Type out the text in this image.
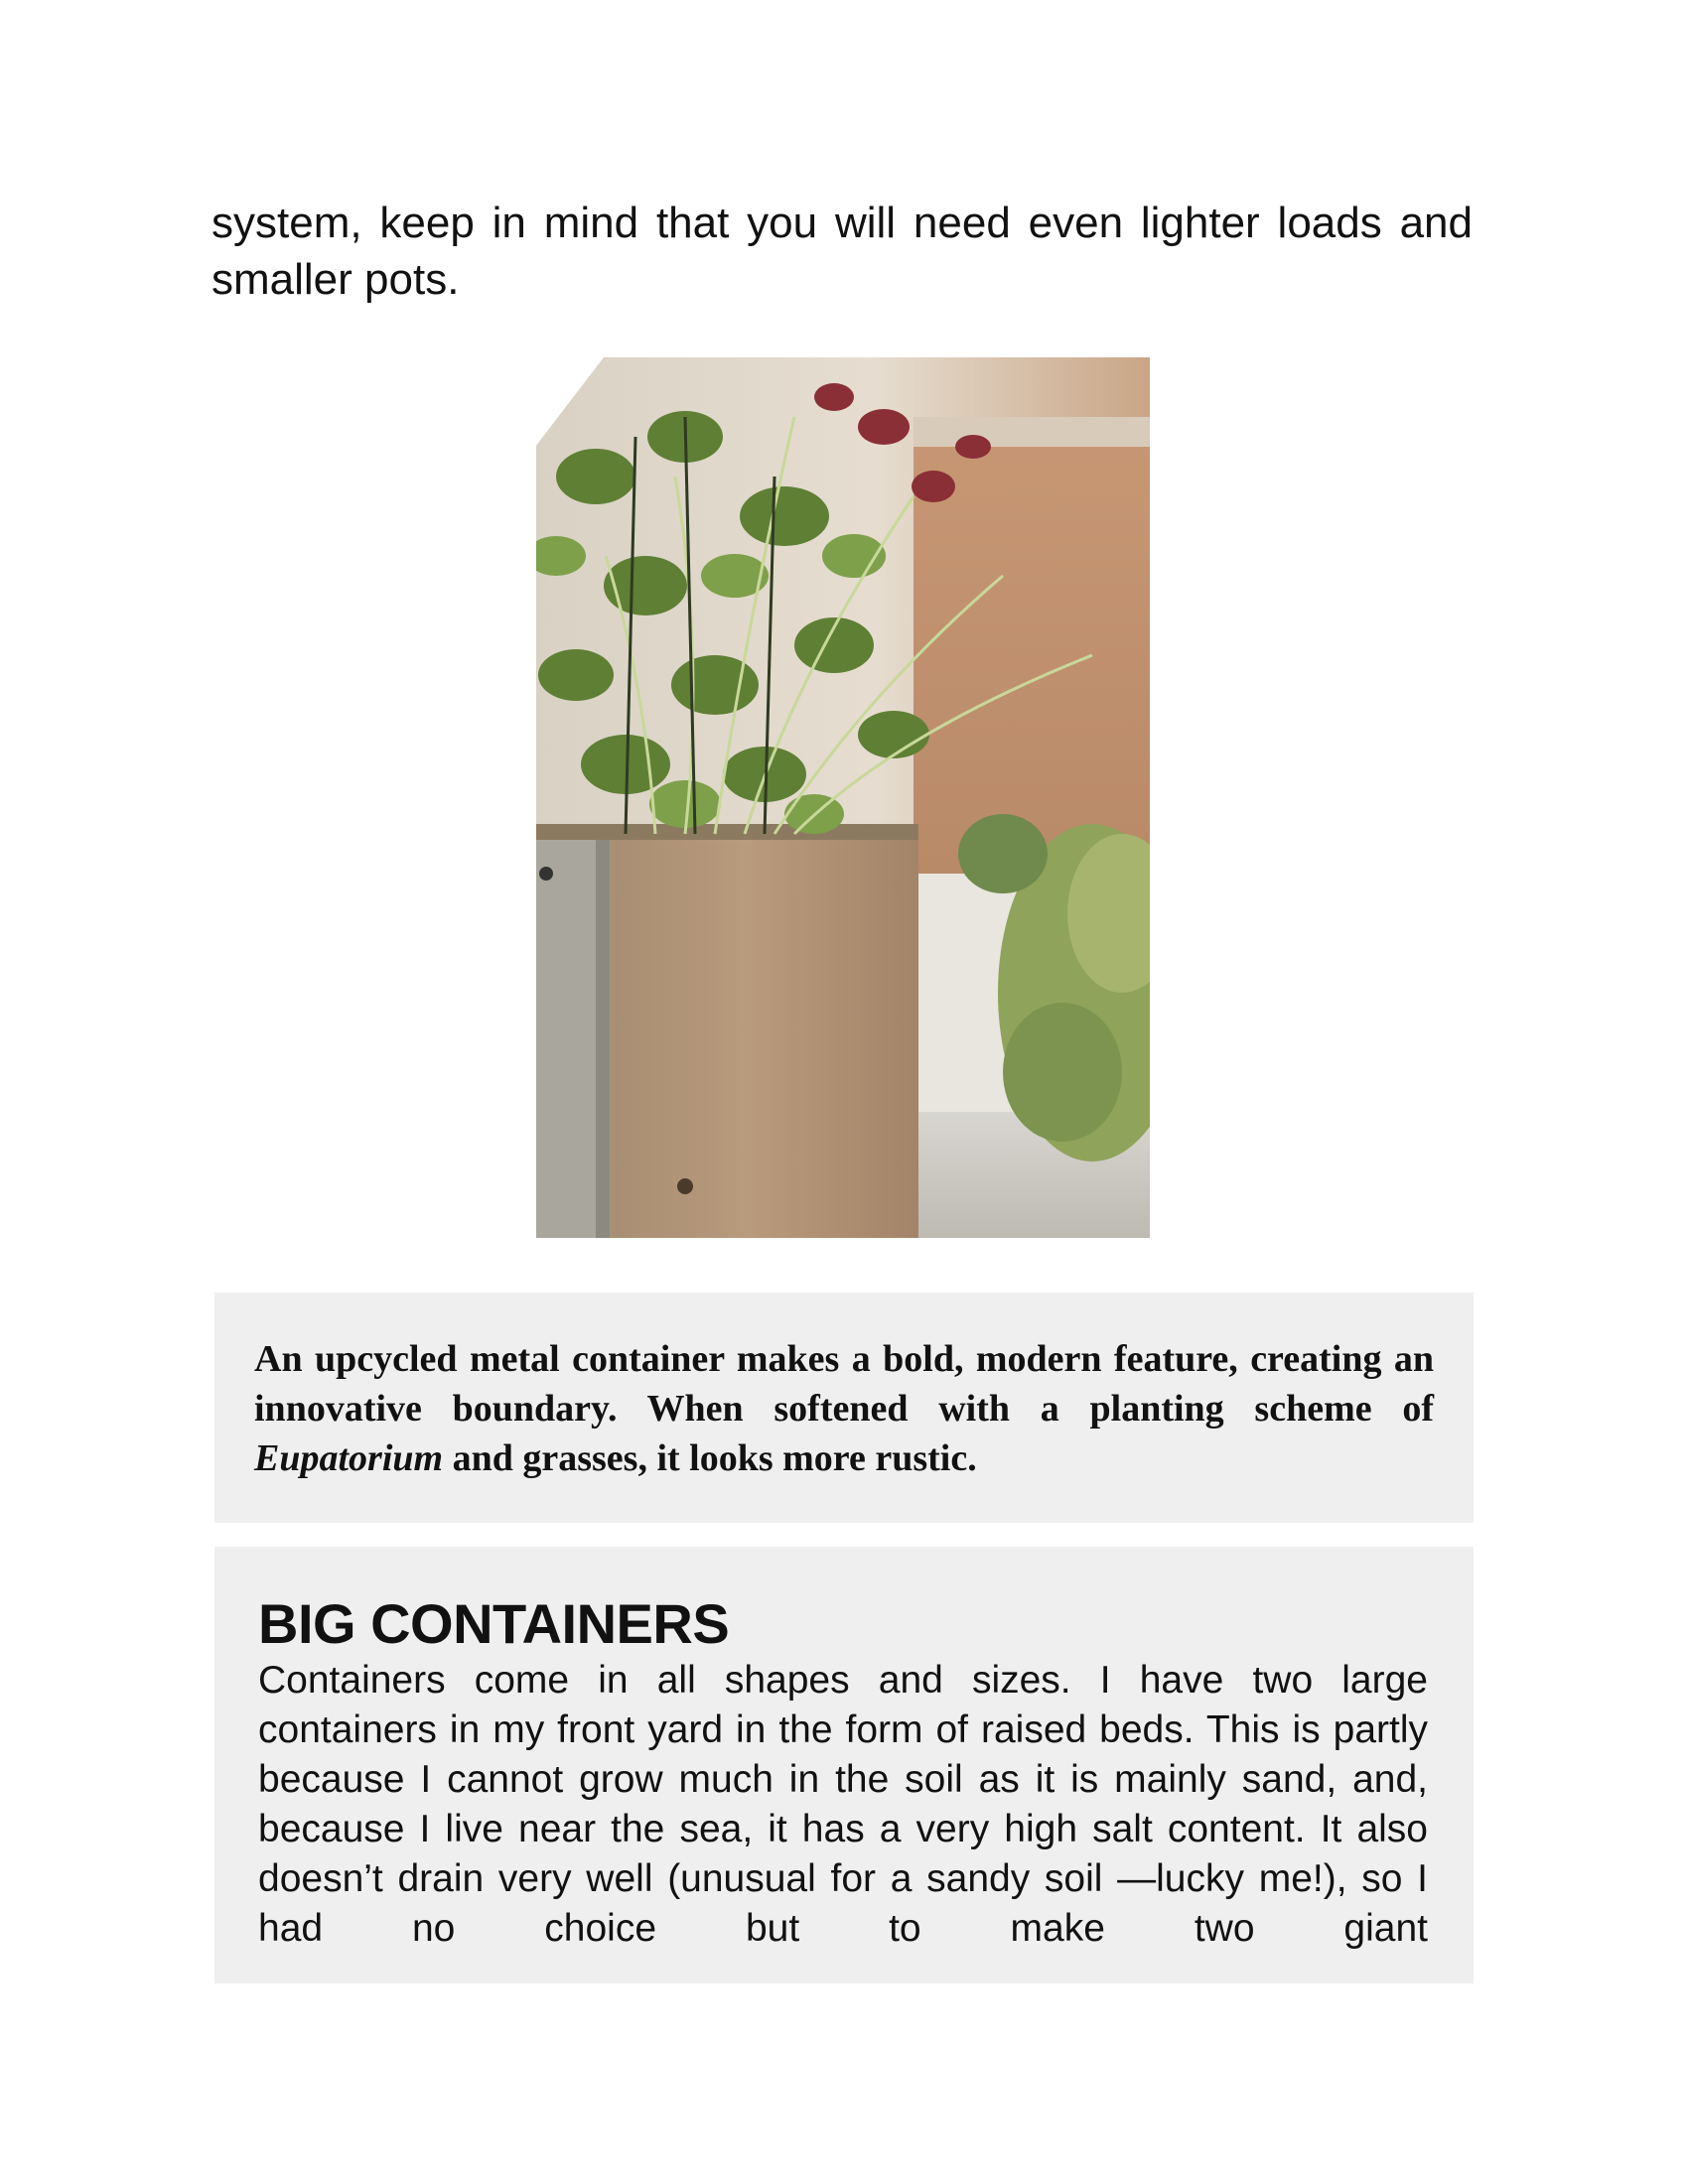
system, keep in mind that you will need even lighter loads and smaller pots.

An upcycled metal container makes a bold, modern feature, creating an innovative boundary. When softened with a planting scheme of Eupatorium and grasses, it looks more rustic.

BIG CONTAINERS

Containers come in all shapes and sizes. I have two large containers in my front yard in the form of raised beds. This is partly because I cannot grow much in the soil as it is mainly sand, and, because I live near the sea, it has a very high salt content. It also doesn’t drain very well (unusual for a sandy soil —lucky me!), so I had no choice but to make two giant
